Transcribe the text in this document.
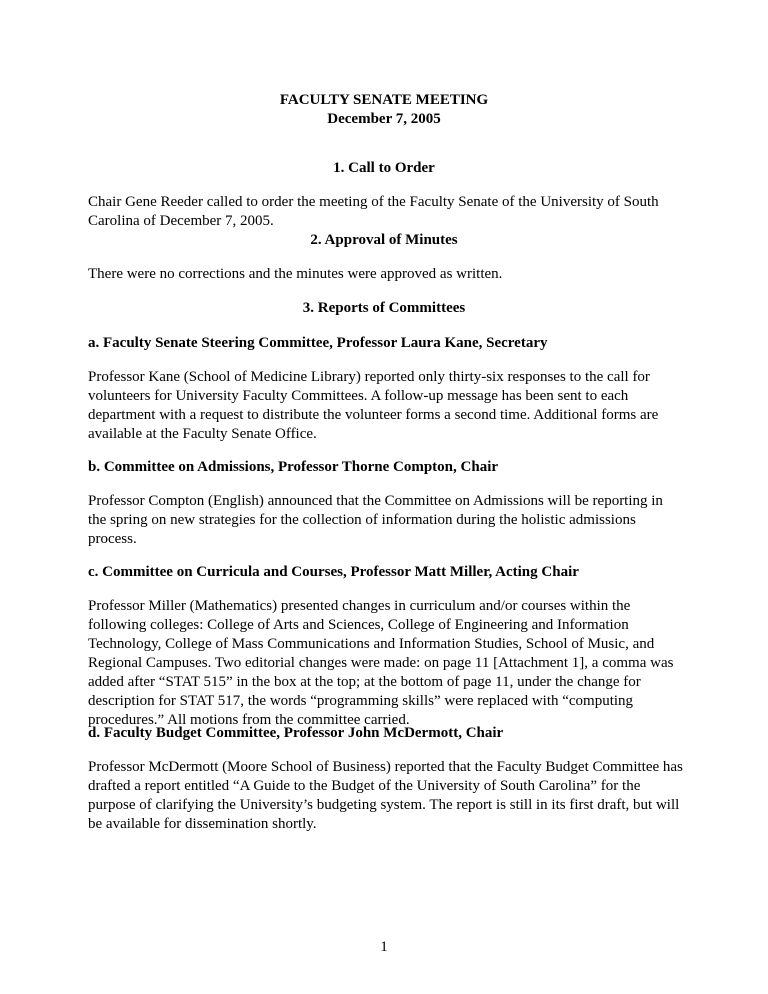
FACULTY SENATE MEETING

December 7, 2005

1. Call to Order

Chair Gene Reeder called to order the meeting of the Faculty Senate of the University of South Carolina of December 7, 2005.

2. Approval of Minutes

There were no corrections and the minutes were approved as written.

3. Reports of Committees

a. Faculty Senate Steering Committee, Professor Laura Kane, Secretary

Professor Kane (School of Medicine Library) reported only thirty-six responses to the call for volunteers for University Faculty Committees. A follow-up message has been sent to each department with a request to distribute the volunteer forms a second time. Additional forms are available at the Faculty Senate Office.

b. Committee on Admissions, Professor Thorne Compton, Chair

Professor Compton (English) announced that the Committee on Admissions will be reporting in the spring on new strategies for the collection of information during the holistic admissions process.

c. Committee on Curricula and Courses, Professor Matt Miller, Acting Chair

Professor Miller (Mathematics) presented changes in curriculum and/or courses within the following colleges: College of Arts and Sciences, College of Engineering and Information Technology, College of Mass Communications and Information Studies, School of Music, and Regional Campuses. Two editorial changes were made: on page 11 [Attachment 1], a comma was added after “STAT 515” in the box at the top; at the bottom of page 11, under the change for description for STAT 517, the words “programming skills” were replaced with “computing procedures.” All motions from the committee carried.

d. Faculty Budget Committee, Professor John McDermott, Chair

Professor McDermott (Moore School of Business) reported that the Faculty Budget Committee has drafted a report entitled “A Guide to the Budget of the University of South Carolina” for the purpose of clarifying the University’s budgeting system. The report is still in its first draft, but will be available for dissemination shortly.

1
